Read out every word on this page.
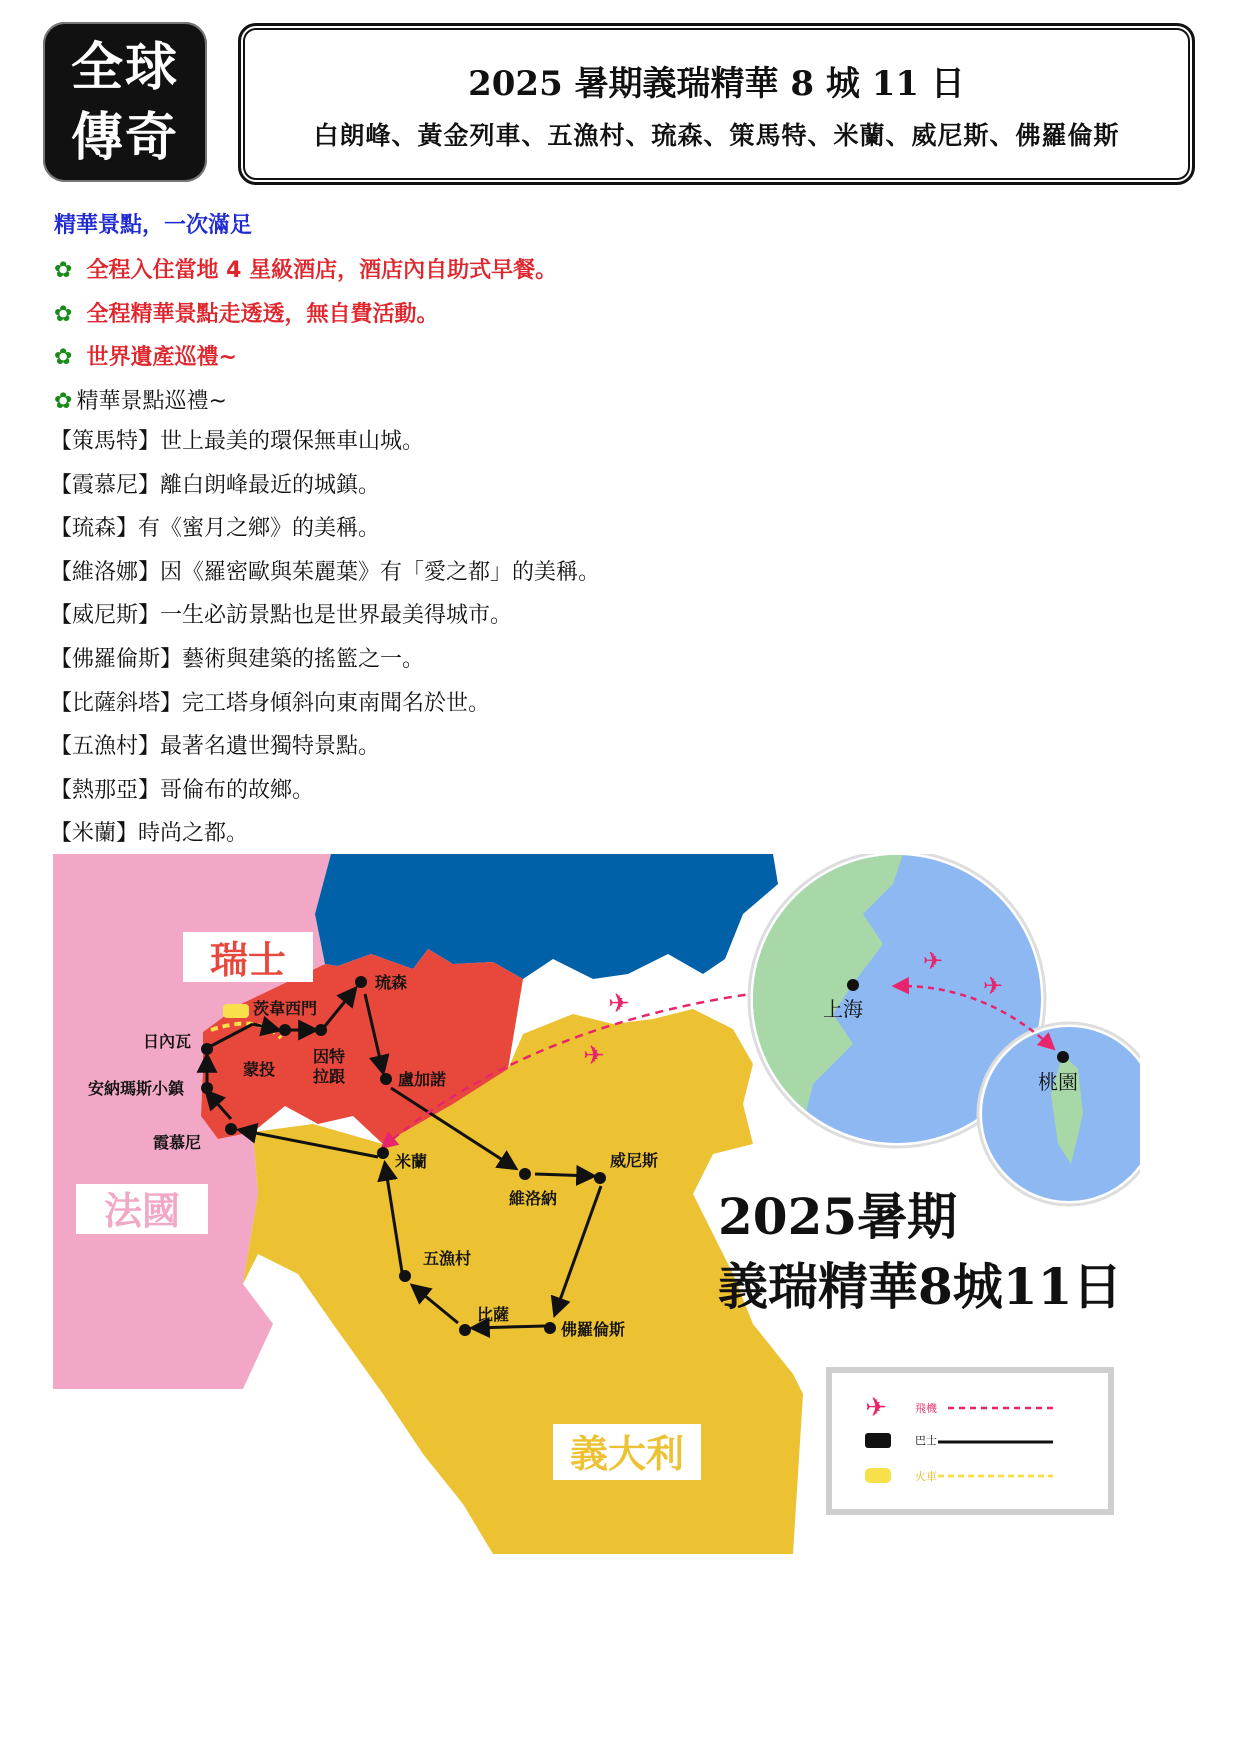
全球
傳奇
2025 暑期義瑞精華 8 城 11 日
白朗峰、黃金列車、五漁村、琉森、策馬特、米蘭、威尼斯、佛羅倫斯
精華景點，一次滿足
✿ 全程入住當地 4 星級酒店，酒店內自助式早餐。
✿ 全程精華景點走透透，無自費活動。
✿ 世界遺產巡禮~
✿ 精華景點巡禮~
【策馬特】世上最美的環保無車山城。
【霞慕尼】離白朗峰最近的城鎮。
【琉森】有《蜜月之鄉》的美稱。
【維洛娜】因《羅密歐與茱麗葉》有「愛之都」的美稱。
【威尼斯】一生必訪景點也是世界最美得城市。
【佛羅倫斯】藝術與建築的搖籃之一。
【比薩斜塔】完工塔身傾斜向東南聞名於世。
【五漁村】最著名遺世獨特景點。
【熱那亞】哥倫布的故鄉。
【米蘭】時尚之都。
瑞士
法國
義大利
✈
✈
琉森
茨韋西門
日內瓦
蒙投
因特
拉跟
安納瑪斯小鎮	盧加諾
霞慕尼
米蘭	威尼斯
維洛納
五漁村
比薩
佛羅倫斯
上海
桃園
✈
✈
2025暑期
義瑞精華8城11日
✈	飛機
巴士
火車
